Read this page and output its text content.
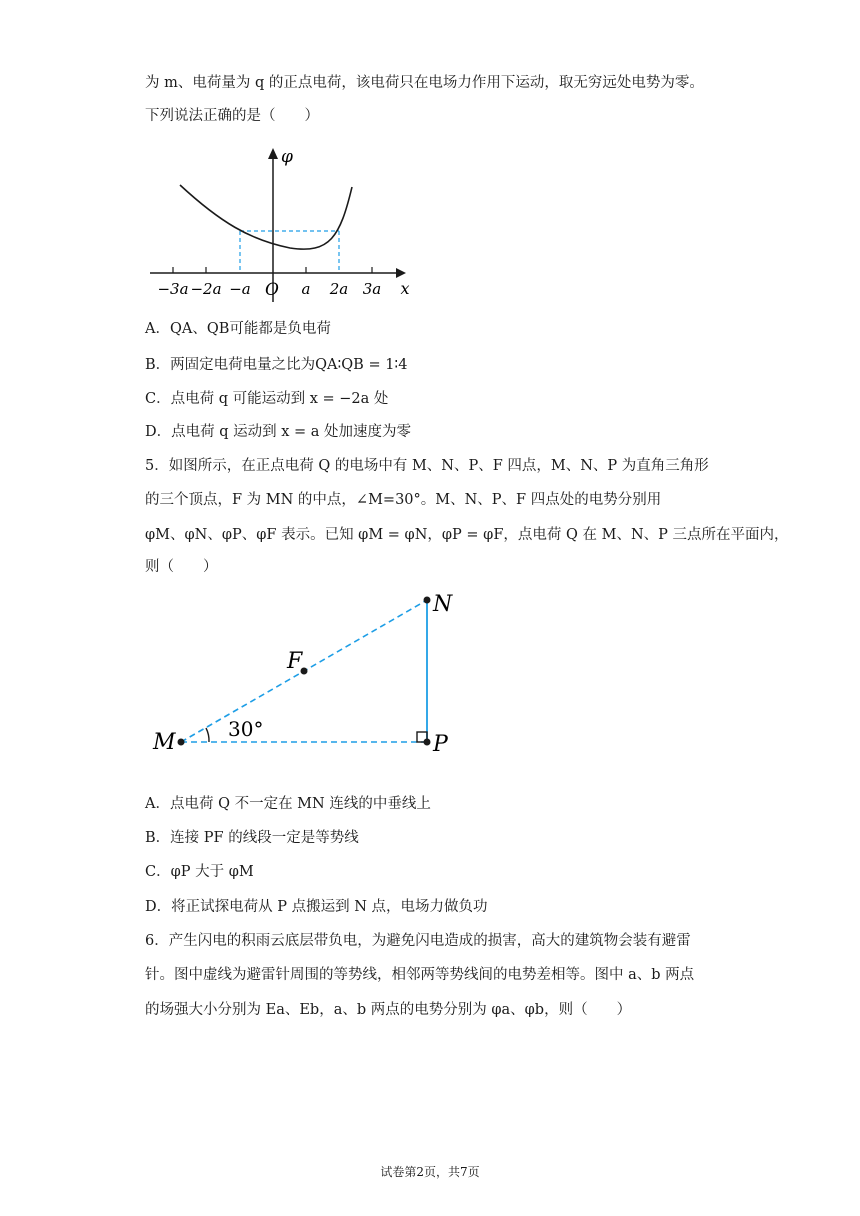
为 m、电荷量为 q 的正点电荷，该电荷只在电场力作用下运动，取无穷远处电势为零。
下列说法正确的是（　　）
φ
−3a −2a −a O a 2a 3a x
A．QA、QB可能都是负电荷
B．两固定电荷电量之比为QA∶QB = 1∶4
C．点电荷 q 可能运动到 x = −2a 处
D．点电荷 q 运动到 x = a 处加速度为零
5．如图所示，在正点电荷 Q 的电场中有 M、N、P、F 四点，M、N、P 为直角三角形
的三个顶点，F 为 MN 的中点，∠M=30°。M、N、P、F 四点处的电势分别用
φM、φN、φP、φF 表示。已知 φM = φN，φP = φF，点电荷 Q 在 M、N、P 三点所在平面内，
则（　　）
M
N
P
F
30°
A．点电荷 Q 不一定在 MN 连线的中垂线上
B．连接 PF 的线段一定是等势线
C．φP 大于 φM
D．将正试探电荷从 P 点搬运到 N 点，电场力做负功
6．产生闪电的积雨云底层带负电，为避免闪电造成的损害，高大的建筑物会装有避雷
针。图中虚线为避雷针周围的等势线，相邻两等势线间的电势差相等。图中 a、b 两点
的场强大小分别为 Ea、Eb，a、b 两点的电势分别为 φa、φb，则（　　）
试卷第2页，共7页
